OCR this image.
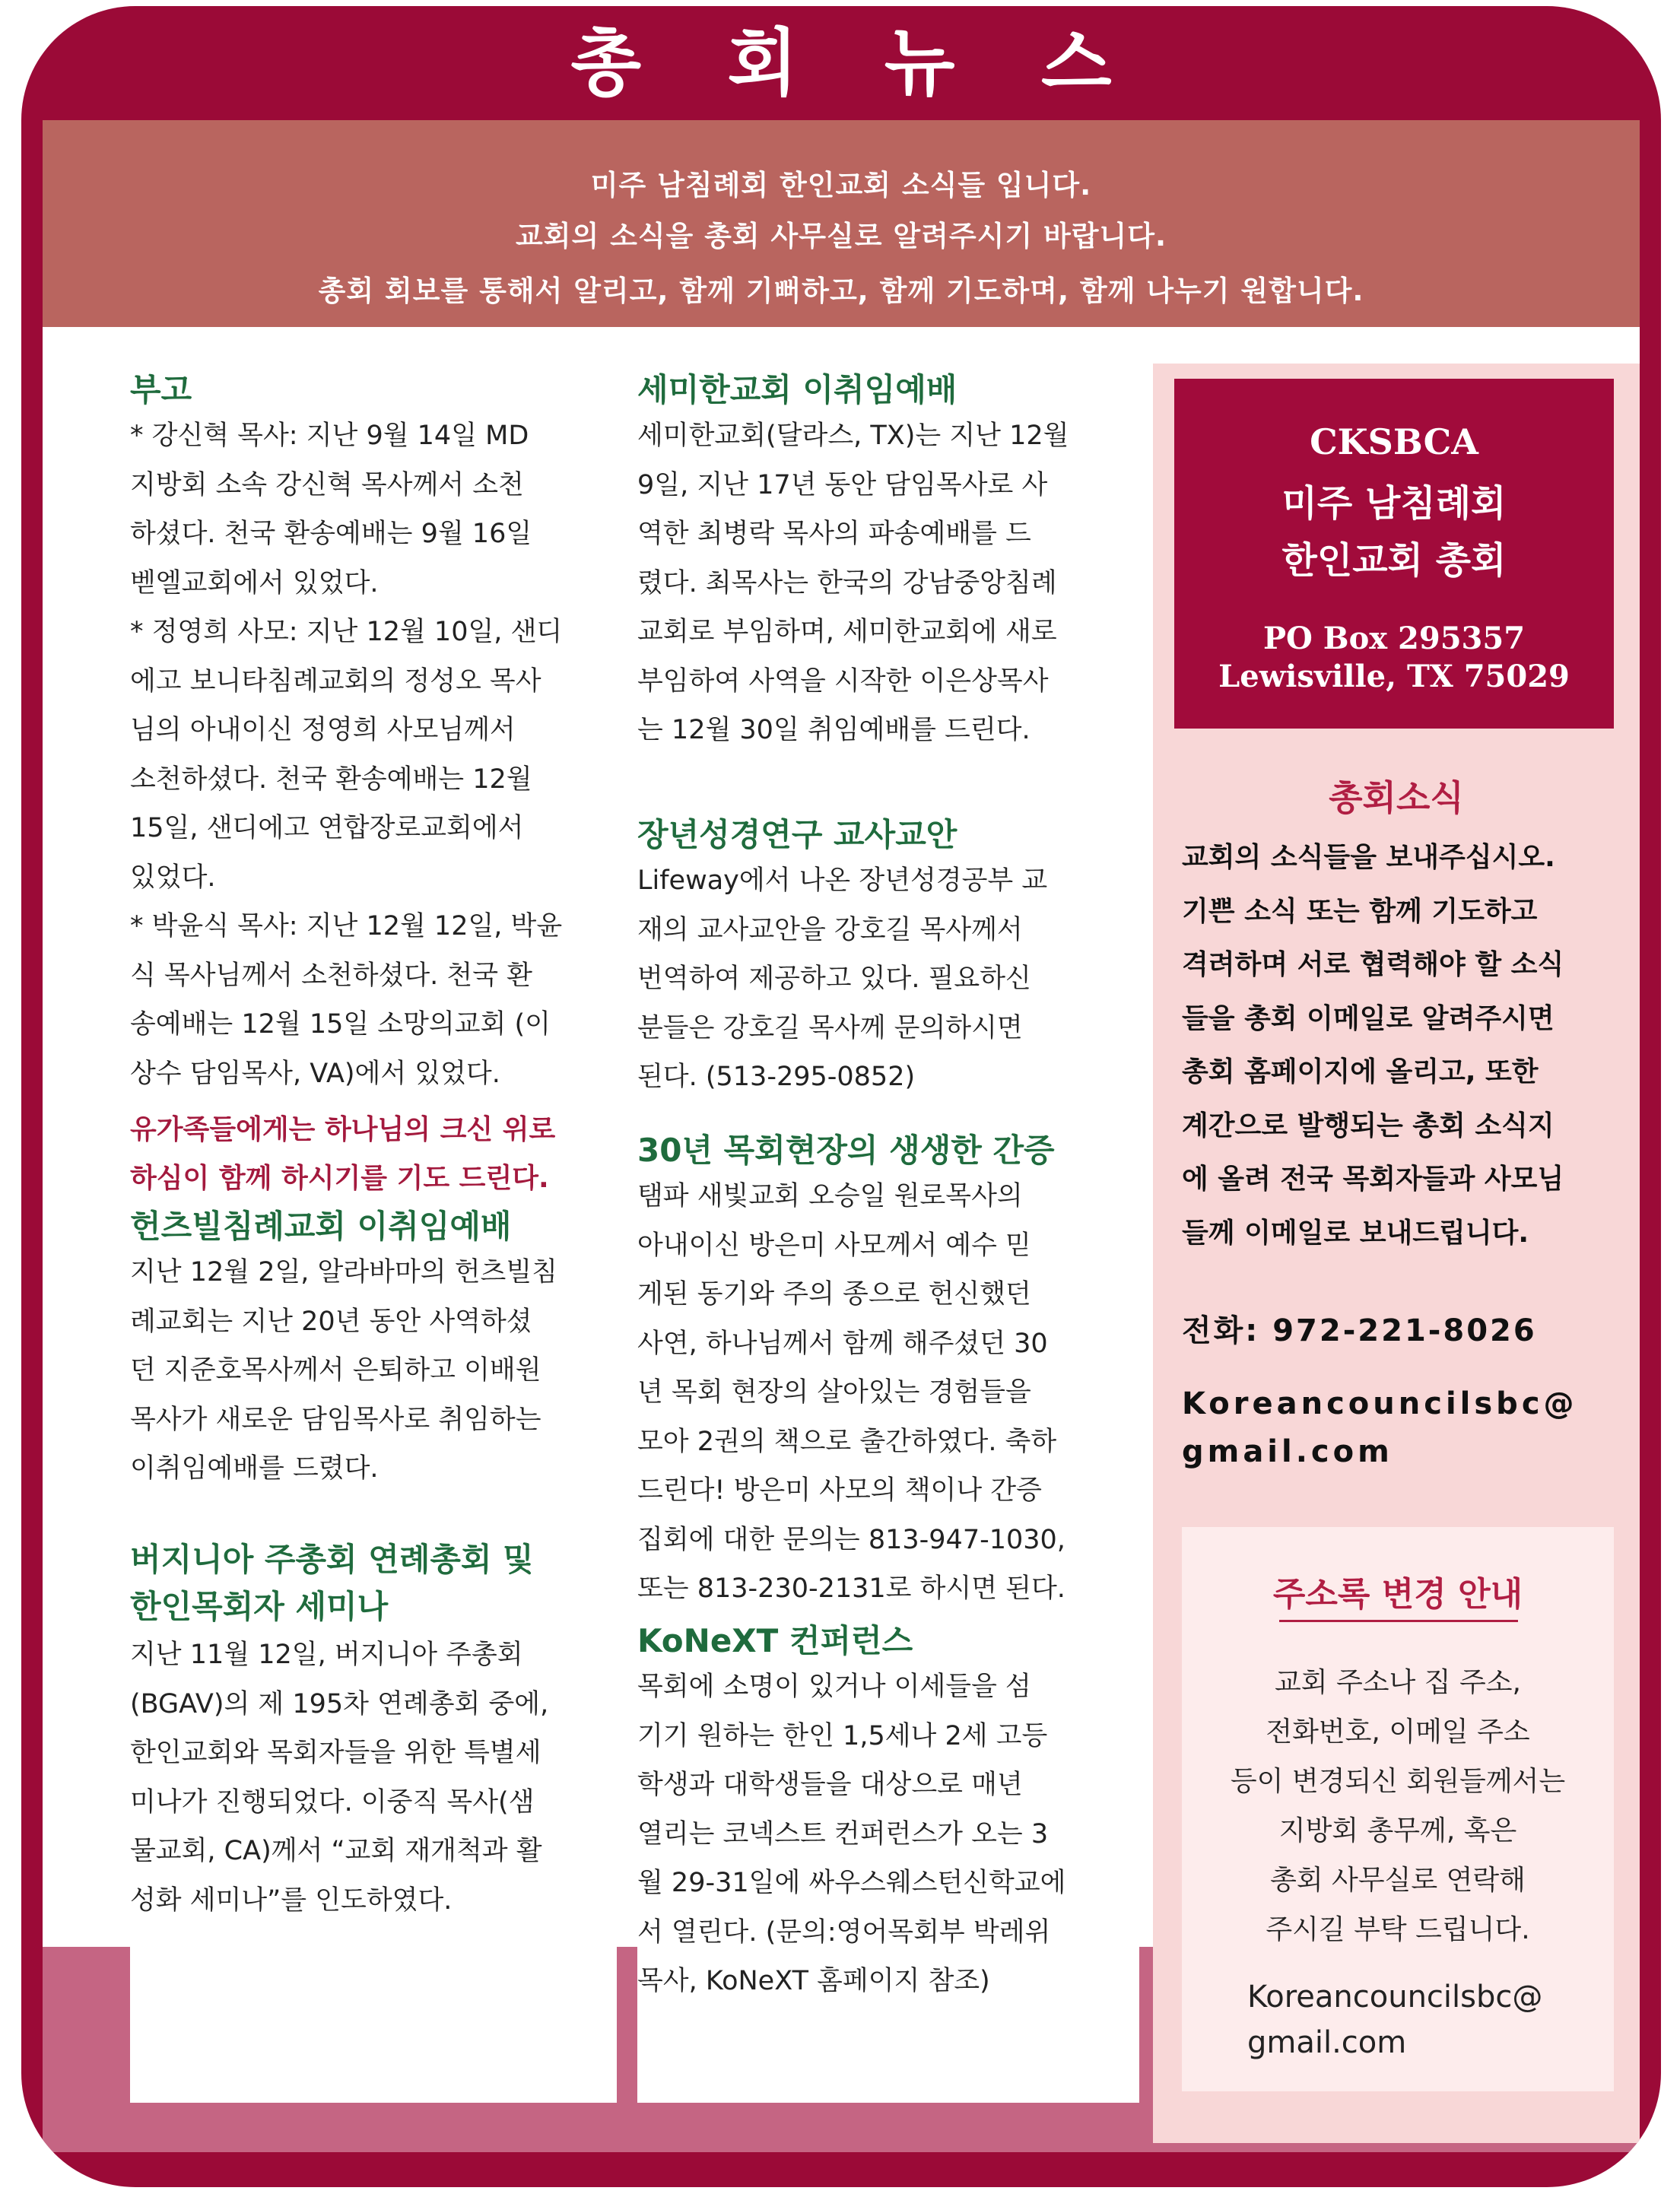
총 회 뉴 스
미주 남침례회 한인교회 소식들 입니다.
교회의 소식을 총회 사무실로 알려주시기 바랍니다.
총회 회보를 통해서 알리고, 함께 기뻐하고, 함께 기도하며, 함께 나누기 원합니다.
부고
* 강신혁 목사: 지난 9월 14일 MD
지방회 소속 강신혁 목사께서 소천
하셨다. 천국 환송예배는 9월 16일
벧엘교회에서 있었다.
* 정영희 사모: 지난 12월 10일, 샌디
에고 보니타침례교회의 정성오 목사
님의 아내이신 정영희 사모님께서
소천하셨다. 천국 환송예배는 12월
15일, 샌디에고 연합장로교회에서
있었다.
* 박윤식 목사: 지난 12월 12일, 박윤
식 목사님께서 소천하셨다. 천국 환
송예배는 12월 15일 소망의교회 (이
상수 담임목사, VA)에서 있었다.
유가족들에게는 하나님의 크신 위로
하심이 함께 하시기를 기도 드린다.
헌츠빌침례교회 이취임예배
지난 12월 2일, 알라바마의 헌츠빌침
례교회는 지난 20년 동안 사역하셨
던 지준호목사께서 은퇴하고 이배원
목사가 새로운 담임목사로 취임하는
이취임예배를 드렸다.
버지니아 주총회 연례총회 및
한인목회자 세미나
지난 11월 12일, 버지니아 주총회
(BGAV)의 제 195차 연례총회 중에,
한인교회와 목회자들을 위한 특별세
미나가 진행되었다. 이중직 목사(샘
물교회, CA)께서 “교회 재개척과 활
성화 세미나”를 인도하였다.
세미한교회 이취임예배
세미한교회(달라스, TX)는 지난 12월
9일, 지난 17년 동안 담임목사로 사
역한 최병락 목사의 파송예배를 드
렸다. 최목사는 한국의 강남중앙침례
교회로 부임하며, 세미한교회에 새로
부임하여 사역을 시작한 이은상목사
는 12월 30일 취임예배를 드린다.
장년성경연구 교사교안
Lifeway에서 나온 장년성경공부 교
재의 교사교안을 강호길 목사께서
번역하여 제공하고 있다. 필요하신
분들은 강호길 목사께 문의하시면
된다. (513-295-0852)
30년 목회현장의 생생한 간증
탬파 새빛교회 오승일 원로목사의
아내이신 방은미 사모께서 예수 믿
게된 동기와 주의 종으로 헌신했던
사연, 하나님께서 함께 해주셨던 30
년 목회 현장의 살아있는 경험들을
모아 2권의 책으로 출간하였다. 축하
드린다! 방은미 사모의 책이나 간증
집회에 대한 문의는 813-947-1030,
또는 813-230-2131로 하시면 된다.
KoNeXT 컨퍼런스
목회에 소명이 있거나 이세들을 섬
기기 원하는 한인 1,5세나 2세 고등
학생과 대학생들을 대상으로 매년
열리는 코넥스트 컨퍼런스가 오는 3
월 29-31일에 싸우스웨스턴신학교에
서 열린다. (문의:영어목회부 박레위
목사, KoNeXT 홈페이지 참조)
CKSBCA
미주 남침례회
한인교회 총회
PO Box 295357
Lewisville, TX 75029
총회소식
교회의 소식들을 보내주십시오.
기쁜 소식 또는 함께 기도하고
격려하며 서로 협력해야 할 소식
들을 총회 이메일로 알려주시면
총회 홈페이지에 올리고, 또한
계간으로 발행되는 총회 소식지
에 올려 전국 목회자들과 사모님
들께 이메일로 보내드립니다.
전화: 972-221-8026
Koreancouncilsbc@
gmail.com
주소록 변경 안내
교회 주소나 집 주소,
전화번호, 이메일 주소
등이 변경되신 회원들께서는
지방회 총무께, 혹은
총회 사무실로 연락해
주시길 부탁 드립니다.
Koreancouncilsbc@
gmail.com
